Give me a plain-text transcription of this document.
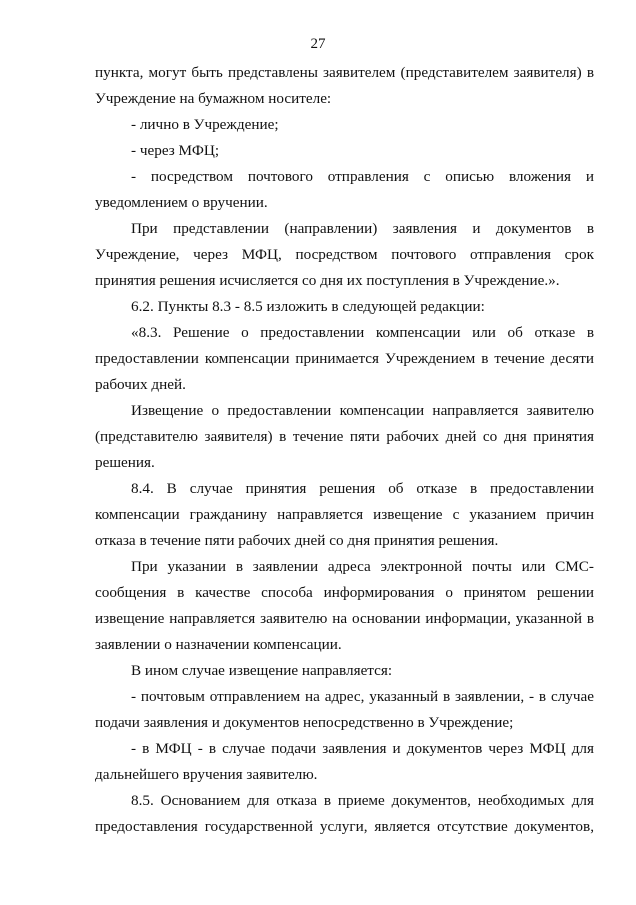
27

пункта, могут быть представлены заявителем (представителем заявителя) в Учреждение на бумажном носителе:

- лично в Учреждение;

- через МФЦ;

- посредством почтового отправления с описью вложения и уведомлением о вручении.

При представлении (направлении) заявления и документов в Учреждение, через МФЦ, посредством почтового отправления срок принятия решения исчисляется со дня их поступления в Учреждение.».

6.2. Пункты 8.3 - 8.5 изложить в следующей редакции:

«8.3. Решение о предоставлении компенсации или об отказе в предоставлении компенсации принимается Учреждением в течение десяти рабочих дней.

Извещение о предоставлении компенсации направляется заявителю (представителю заявителя) в течение пяти рабочих дней со дня принятия решения.

8.4. В случае принятия решения об отказе в предоставлении компенсации гражданину направляется извещение с указанием причин отказа в течение пяти рабочих дней со дня принятия решения.

При указании в заявлении адреса электронной почты или СМС-сообщения в качестве способа информирования о принятом решении извещение направляется заявителю на основании информации, указанной в заявлении о назначении компенсации.

В ином случае извещение направляется:

- почтовым отправлением на адрес, указанный в заявлении, - в случае подачи заявления и документов непосредственно в Учреждение;

- в МФЦ - в случае подачи заявления и документов через МФЦ для дальнейшего вручения заявителю.

8.5. Основанием для отказа в приеме документов, необходимых для предоставления государственной услуги, является отсутствие документов,
